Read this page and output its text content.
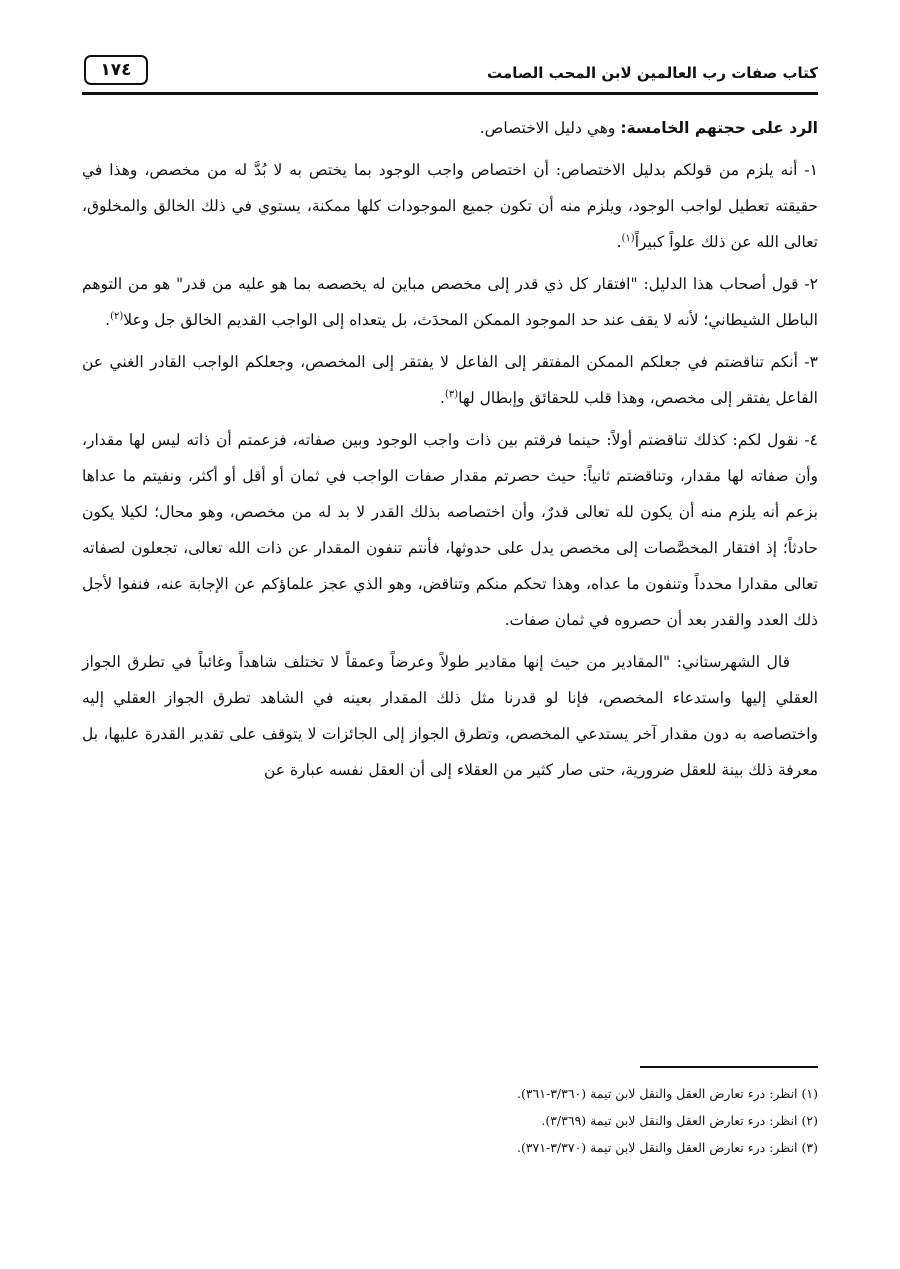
كتاب صفات رب العالمين لابن المحب الصامت
١٧٤

الرد على حجتهم الخامسة: وهي دليل الاختصاص.

١- أنه يلزم من قولكم بدليل الاختصاص: أن اختصاص واجب الوجود بما يختص به لا بُدَّ له من مخصص، وهذا في حقيقته تعطيل لواجب الوجود، ويلزم منه أن تكون جميع الموجودات كلها ممكنة، يستوي في ذلك الخالق والمخلوق، تعالى الله عن ذلك علواً كبيراً$^{(١)}$.

٢- قول أصحاب هذا الدليل: "افتقار كل ذي قدر إلى مخصص مباين له يخصصه بما هو عليه من قدر" هو من التوهم الباطل الشيطاني؛ لأنه لا يقف عند حد الموجود الممكن المحدَث، بل يتعداه إلى الواجب القديم الخالق جل وعلا$^{(٢)}$.

٣- أنكم تناقضتم في جعلكم الممكن المفتقر إلى الفاعل لا يفتقر إلى المخصص، وجعلكم الواجب القادر الغني عن الفاعل يفتقر إلى مخصص، وهذا قلب للحقائق وإبطال لها$^{(٣)}$.

٤- نقول لكم: كذلك تناقضتم أولاً: حينما فرقتم بين ذات واجب الوجود وبين صفاته، فزعمتم أن ذاته ليس لها مقدار، وأن صفاته لها مقدار، وتناقضتم ثانياً: حيث حصرتم مقدار صفات الواجب في ثمان أو أقل أو أكثر، ونفيتم ما عداها بزعم أنه يلزم منه أن يكون لله تعالى قدرٌ، وأن اختصاصه بذلك القدر لا بد له من مخصص، وهو محال؛ لكيلا يكون حادثاً؛ إذ افتقار المخصَّصات إلى مخصص يدل على حدوثها، فأنتم تنفون المقدار عن ذات الله تعالى، تجعلون لصفاته تعالى مقدارا محدداً وتنفون ما عداه، وهذا تحكم منكم وتناقض، وهو الذي عجز علماؤكم عن الإجابة عنه، فنفوا لأجل ذلك العدد والقدر بعد أن حصروه في ثمان صفات.

قال الشهرستاني: "المقادير من حيث إنها مقادير طولاً وعرضاً وعمقاً لا تختلف شاهداً وغائباً في تطرق الجواز العقلي إليها واستدعاء المخصص، فإنا لو قدرنا مثل ذلك المقدار بعينه في الشاهد تطرق الجواز العقلي إليه واختصاصه به دون مقدار آخر يستدعي المخصص، وتطرق الجواز إلى الجائزات لا يتوقف على تقدير القدرة عليها، بل معرفة ذلك بينة للعقل ضرورية، حتى صار كثير من العقلاء إلى أن العقل نفسه عبارة عن

(١) انظر: درء تعارض العقل والنقل لابن تيمة (٣/٣٦٠-٣٦١).
(٢) انظر: درء تعارض العقل والنقل لابن تيمة (٣/٣٦٩).
(٣) انظر: درء تعارض العقل والنقل لابن تيمة (٣/٣٧٠-٣٧١).
